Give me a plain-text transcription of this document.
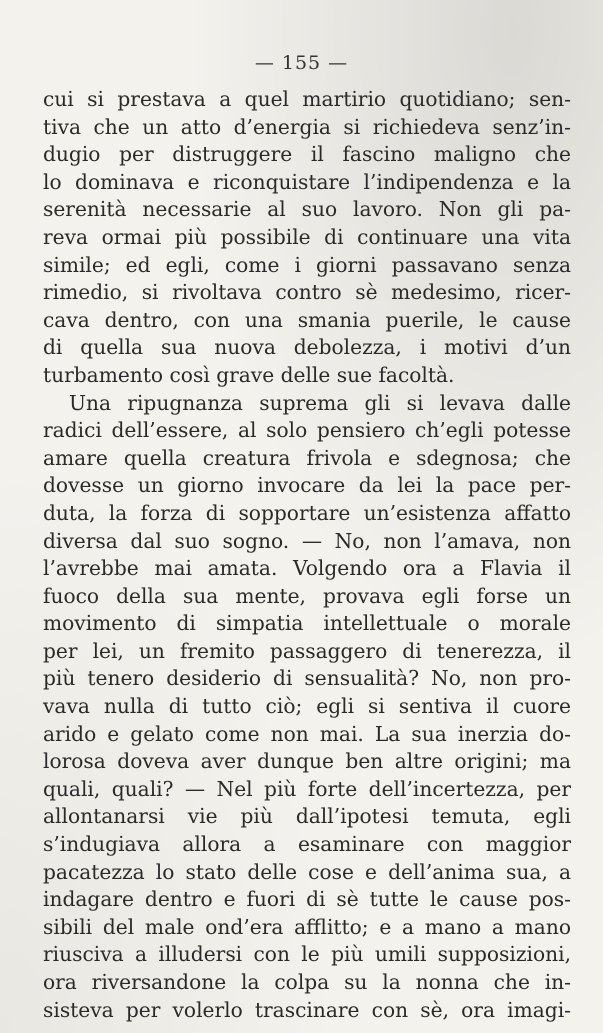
— 155 —
cui si prestava a quel martirio quotidiano; sen-
tiva che un atto d’energia si richiedeva senz’in-
dugio per distruggere il fascino maligno che
lo dominava e riconquistare l’indipendenza e la
serenità necessarie al suo lavoro. Non gli pa-
reva ormai più possibile di continuare una vita
simile; ed egli, come i giorni passavano senza
rimedio, si rivoltava contro sè medesimo, ricer-
cava dentro, con una smania puerile, le cause
di quella sua nuova debolezza, i motivi d’un
turbamento così grave delle sue facoltà.
Una ripugnanza suprema gli si levava dalle
radici dell’essere, al solo pensiero ch’egli potesse
amare quella creatura frivola e sdegnosa; che
dovesse un giorno invocare da lei la pace per-
duta, la forza di sopportare un’esistenza affatto
diversa dal suo sogno. — No, non l’amava, non
l’avrebbe mai amata. Volgendo ora a Flavia il
fuoco della sua mente, provava egli forse un
movimento di simpatia intellettuale o morale
per lei, un fremito passaggero di tenerezza, il
più tenero desiderio di sensualità? No, non pro-
vava nulla di tutto ciò; egli si sentiva il cuore
arido e gelato come non mai. La sua inerzia do-
lorosa doveva aver dunque ben altre origini; ma
quali, quali? — Nel più forte dell’incertezza, per
allontanarsi vie più dall’ipotesi temuta, egli
s’indugiava allora a esaminare con maggior
pacatezza lo stato delle cose e dell’anima sua, a
indagare dentro e fuori di sè tutte le cause pos-
sibili del male ond’era afflitto; e a mano a mano
riusciva a illudersi con le più umili supposizioni,
ora riversandone la colpa su la nonna che in-
sisteva per volerlo trascinare con sè, ora imagi-
